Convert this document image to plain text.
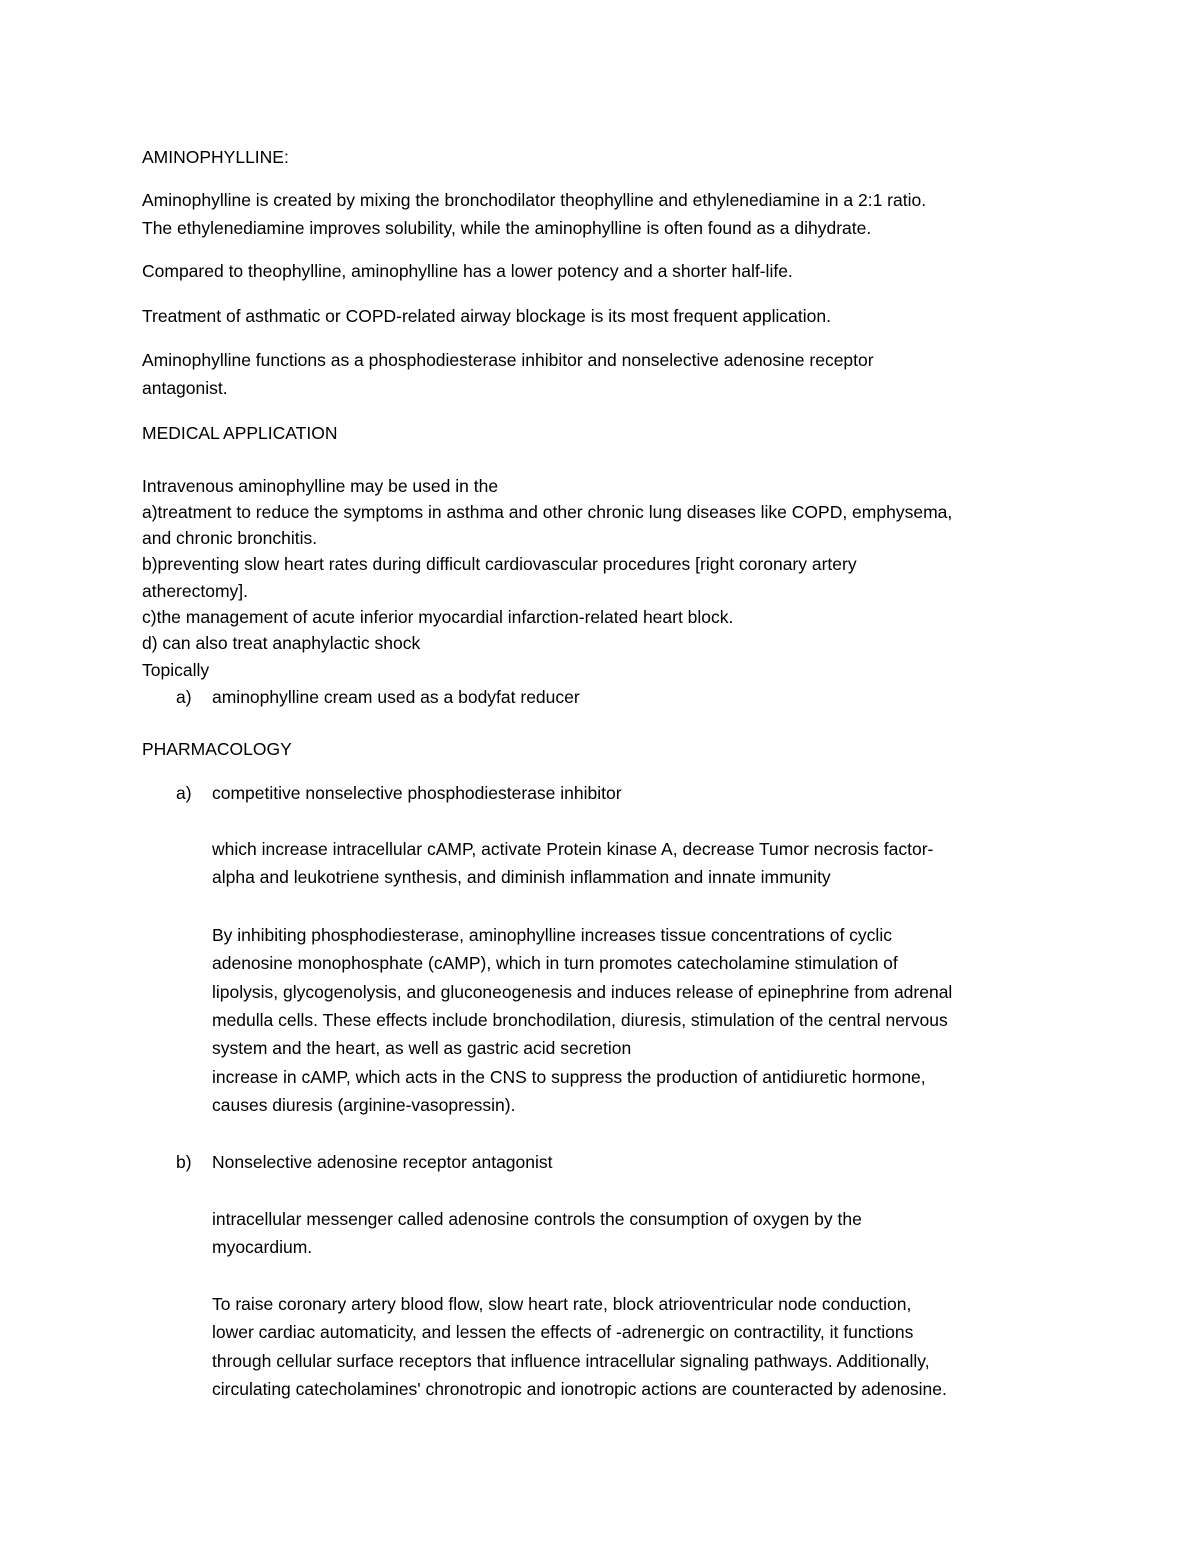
AMINOPHYLLINE:
Aminophylline is created by mixing the bronchodilator theophylline and ethylenediamine in a 2:1 ratio.
The ethylenediamine improves solubility, while the aminophylline is often found as a dihydrate.
Compared to theophylline, aminophylline has a lower potency and a shorter half-life.
Treatment of asthmatic or COPD-related airway blockage is its most frequent application.
Aminophylline functions as a phosphodiesterase inhibitor and nonselective adenosine receptor
antagonist.
MEDICAL APPLICATION
Intravenous aminophylline may be used in the
a)treatment to reduce the symptoms in asthma and other chronic lung diseases like COPD, emphysema,
and chronic bronchitis.
b)preventing slow heart rates during difficult cardiovascular procedures [right coronary artery
atherectomy].
c)the management of acute inferior myocardial infarction-related heart block.
d) can also treat anaphylactic shock
Topically
a) aminophylline cream used as a bodyfat reducer
PHARMACOLOGY
a) competitive nonselective phosphodiesterase inhibitor
which increase intracellular cAMP, activate Protein kinase A, decrease Tumor necrosis factor-
alpha and leukotriene synthesis, and diminish inflammation and innate immunity
By inhibiting phosphodiesterase, aminophylline increases tissue concentrations of cyclic
adenosine monophosphate (cAMP), which in turn promotes catecholamine stimulation of
lipolysis, glycogenolysis, and gluconeogenesis and induces release of epinephrine from adrenal
medulla cells. These effects include bronchodilation, diuresis, stimulation of the central nervous
system and the heart, as well as gastric acid secretion
increase in cAMP, which acts in the CNS to suppress the production of antidiuretic hormone,
causes diuresis (arginine-vasopressin).
b) Nonselective adenosine receptor antagonist
intracellular messenger called adenosine controls the consumption of oxygen by the
myocardium.
To raise coronary artery blood flow, slow heart rate, block atrioventricular node conduction,
lower cardiac automaticity, and lessen the effects of -adrenergic on contractility, it functions
through cellular surface receptors that influence intracellular signaling pathways. Additionally,
circulating catecholamines' chronotropic and ionotropic actions are counteracted by adenosine.
